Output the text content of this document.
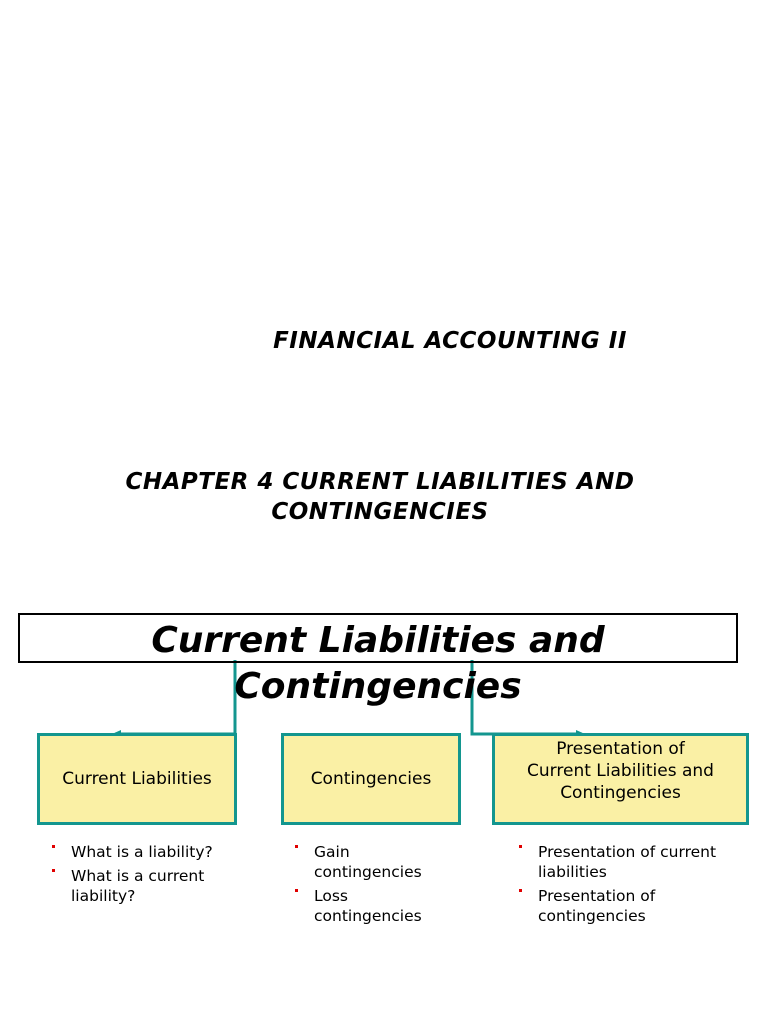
FINANCIAL ACCOUNTING II
CHAPTER 4 CURRENT LIABILITIES AND CONTINGENCIES
Current Liabilities and Contingencies
Current Liabilities	Contingencies
Presentation of
Current Liabilities and Contingencies
What is a liability?
What is a current liability?
Gain contingencies
Loss contingencies
Presentation of current liabilities
Presentation of contingencies
